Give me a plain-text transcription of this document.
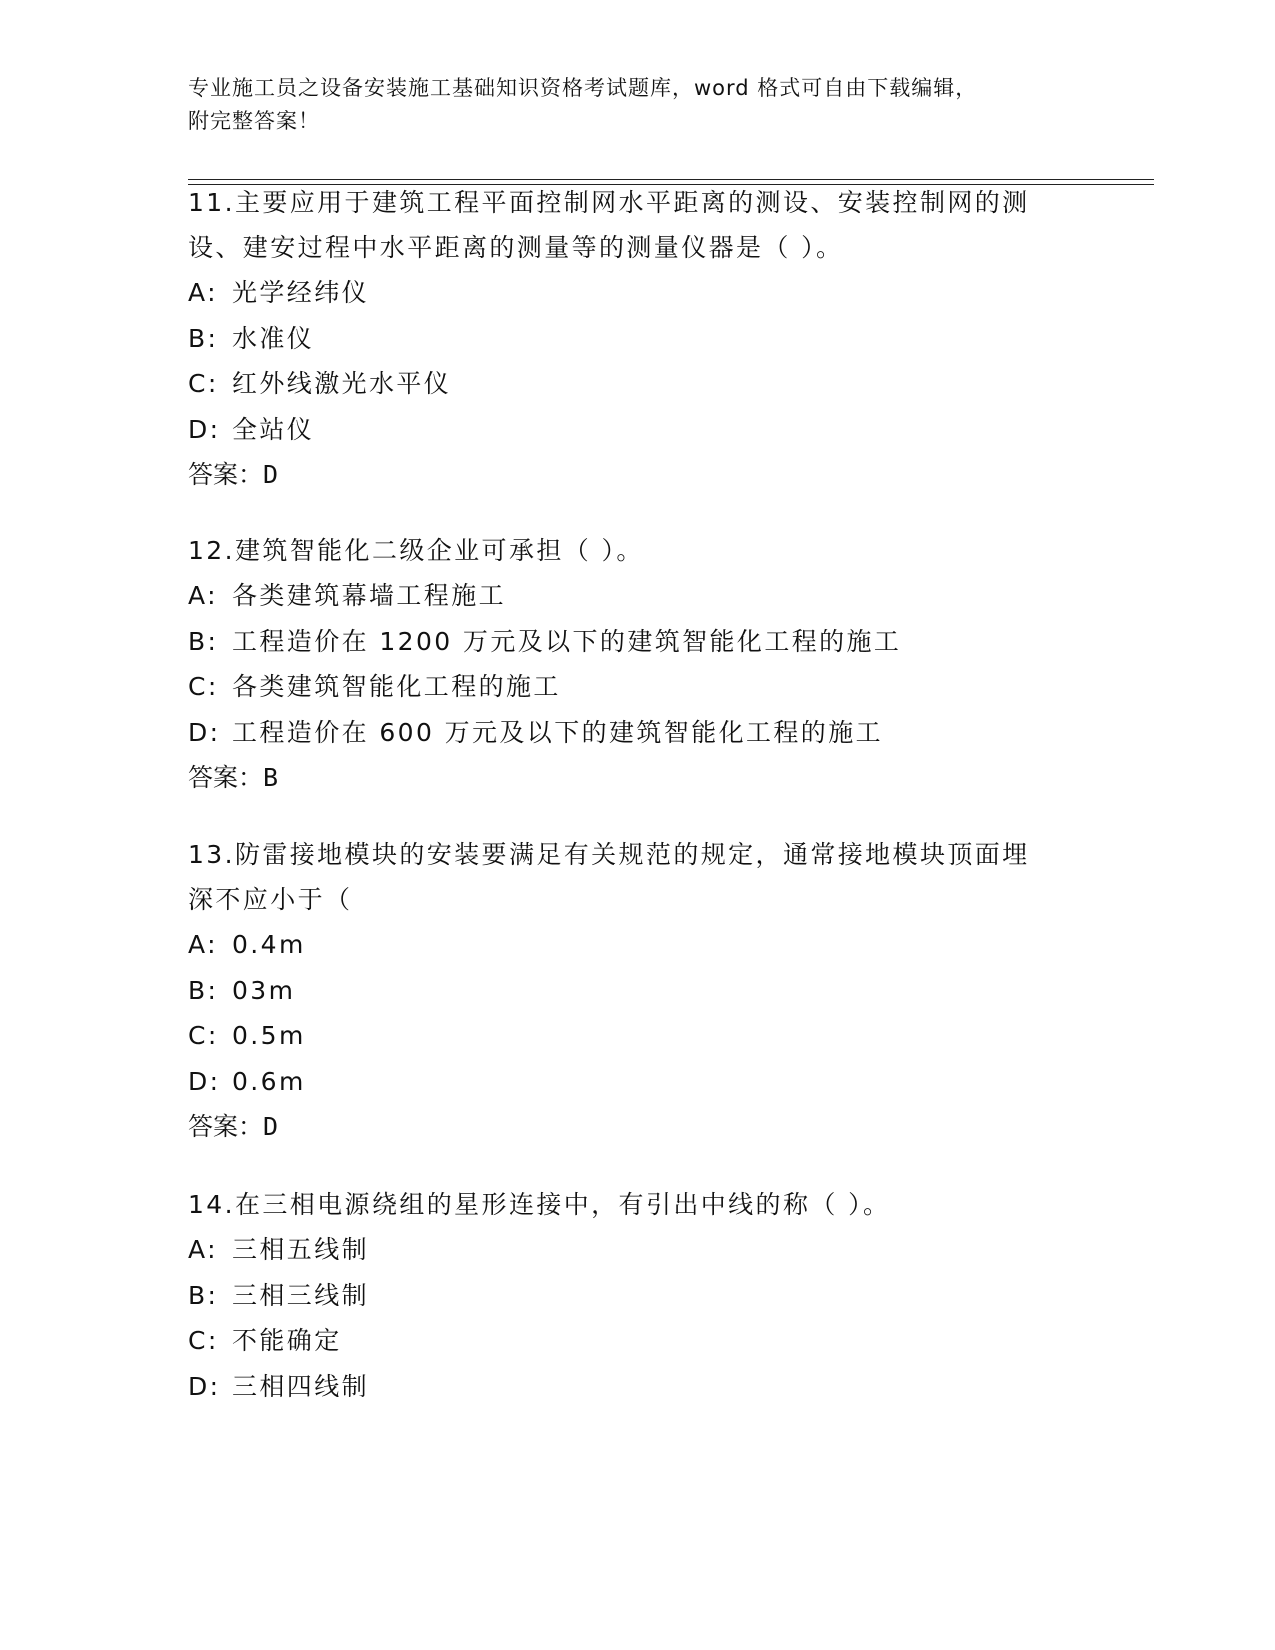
专业施工员之设备安装施工基础知识资格考试题库，word 格式可自由下载编辑，
附完整答案！
11.主要应用于建筑工程平面控制网水平距离的测设、安装控制网的测
设、建安过程中水平距离的测量等的测量仪器是（ ）。
A: 光学经纬仪
B: 水准仪
C: 红外线激光水平仪
D: 全站仪
答案：D
12.建筑智能化二级企业可承担（ ）。
A: 各类建筑幕墙工程施工
B: 工程造价在 1200 万元及以下的建筑智能化工程的施工
C: 各类建筑智能化工程的施工
D: 工程造价在 600 万元及以下的建筑智能化工程的施工
答案：B
13.防雷接地模块的安装要满足有关规范的规定，通常接地模块顶面埋
深不应小于（
A: 0.4m
B: 03m
C: 0.5m
D: 0.6m
答案：D
14.在三相电源绕组的星形连接中，有引出中线的称（ ）。
A: 三相五线制
B: 三相三线制
C: 不能确定
D: 三相四线制
